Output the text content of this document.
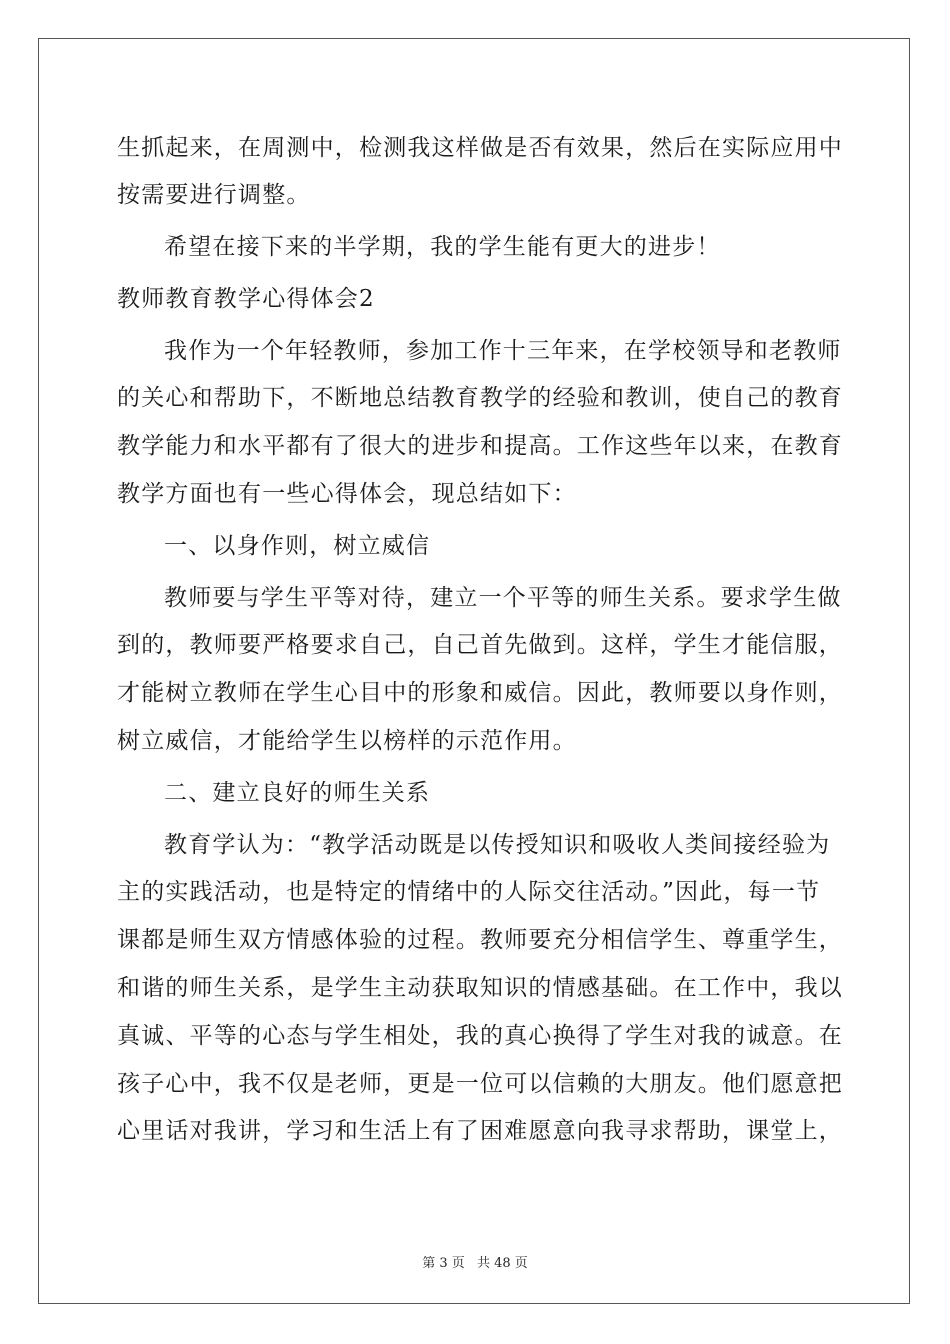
生抓起来，在周测中，检测我这样做是否有效果，然后在实际应用中
按需要进行调整。
希望在接下来的半学期，我的学生能有更大的进步！
教师教育教学心得体会2
我作为一个年轻教师，参加工作十三年来，在学校领导和老教师
的关心和帮助下，不断地总结教育教学的经验和教训，使自己的教育
教学能力和水平都有了很大的进步和提高。工作这些年以来，在教育
教学方面也有一些心得体会，现总结如下：
一、以身作则，树立威信
教师要与学生平等对待，建立一个平等的师生关系。要求学生做
到的，教师要严格要求自己，自己首先做到。这样，学生才能信服，
才能树立教师在学生心目中的形象和威信。因此，教师要以身作则，
树立威信，才能给学生以榜样的示范作用。
二、建立良好的师生关系
教育学认为：“教学活动既是以传授知识和吸收人类间接经验为
主的实践活动，也是特定的情绪中的人际交往活动。”因此，每一节
课都是师生双方情感体验的过程。教师要充分相信学生、尊重学生，
和谐的师生关系，是学生主动获取知识的情感基础。在工作中，我以
真诚、平等的心态与学生相处，我的真心换得了学生对我的诚意。在
孩子心中，我不仅是老师，更是一位可以信赖的大朋友。他们愿意把
心里话对我讲，学习和生活上有了困难愿意向我寻求帮助，课堂上，
第 3 页 共 48 页
